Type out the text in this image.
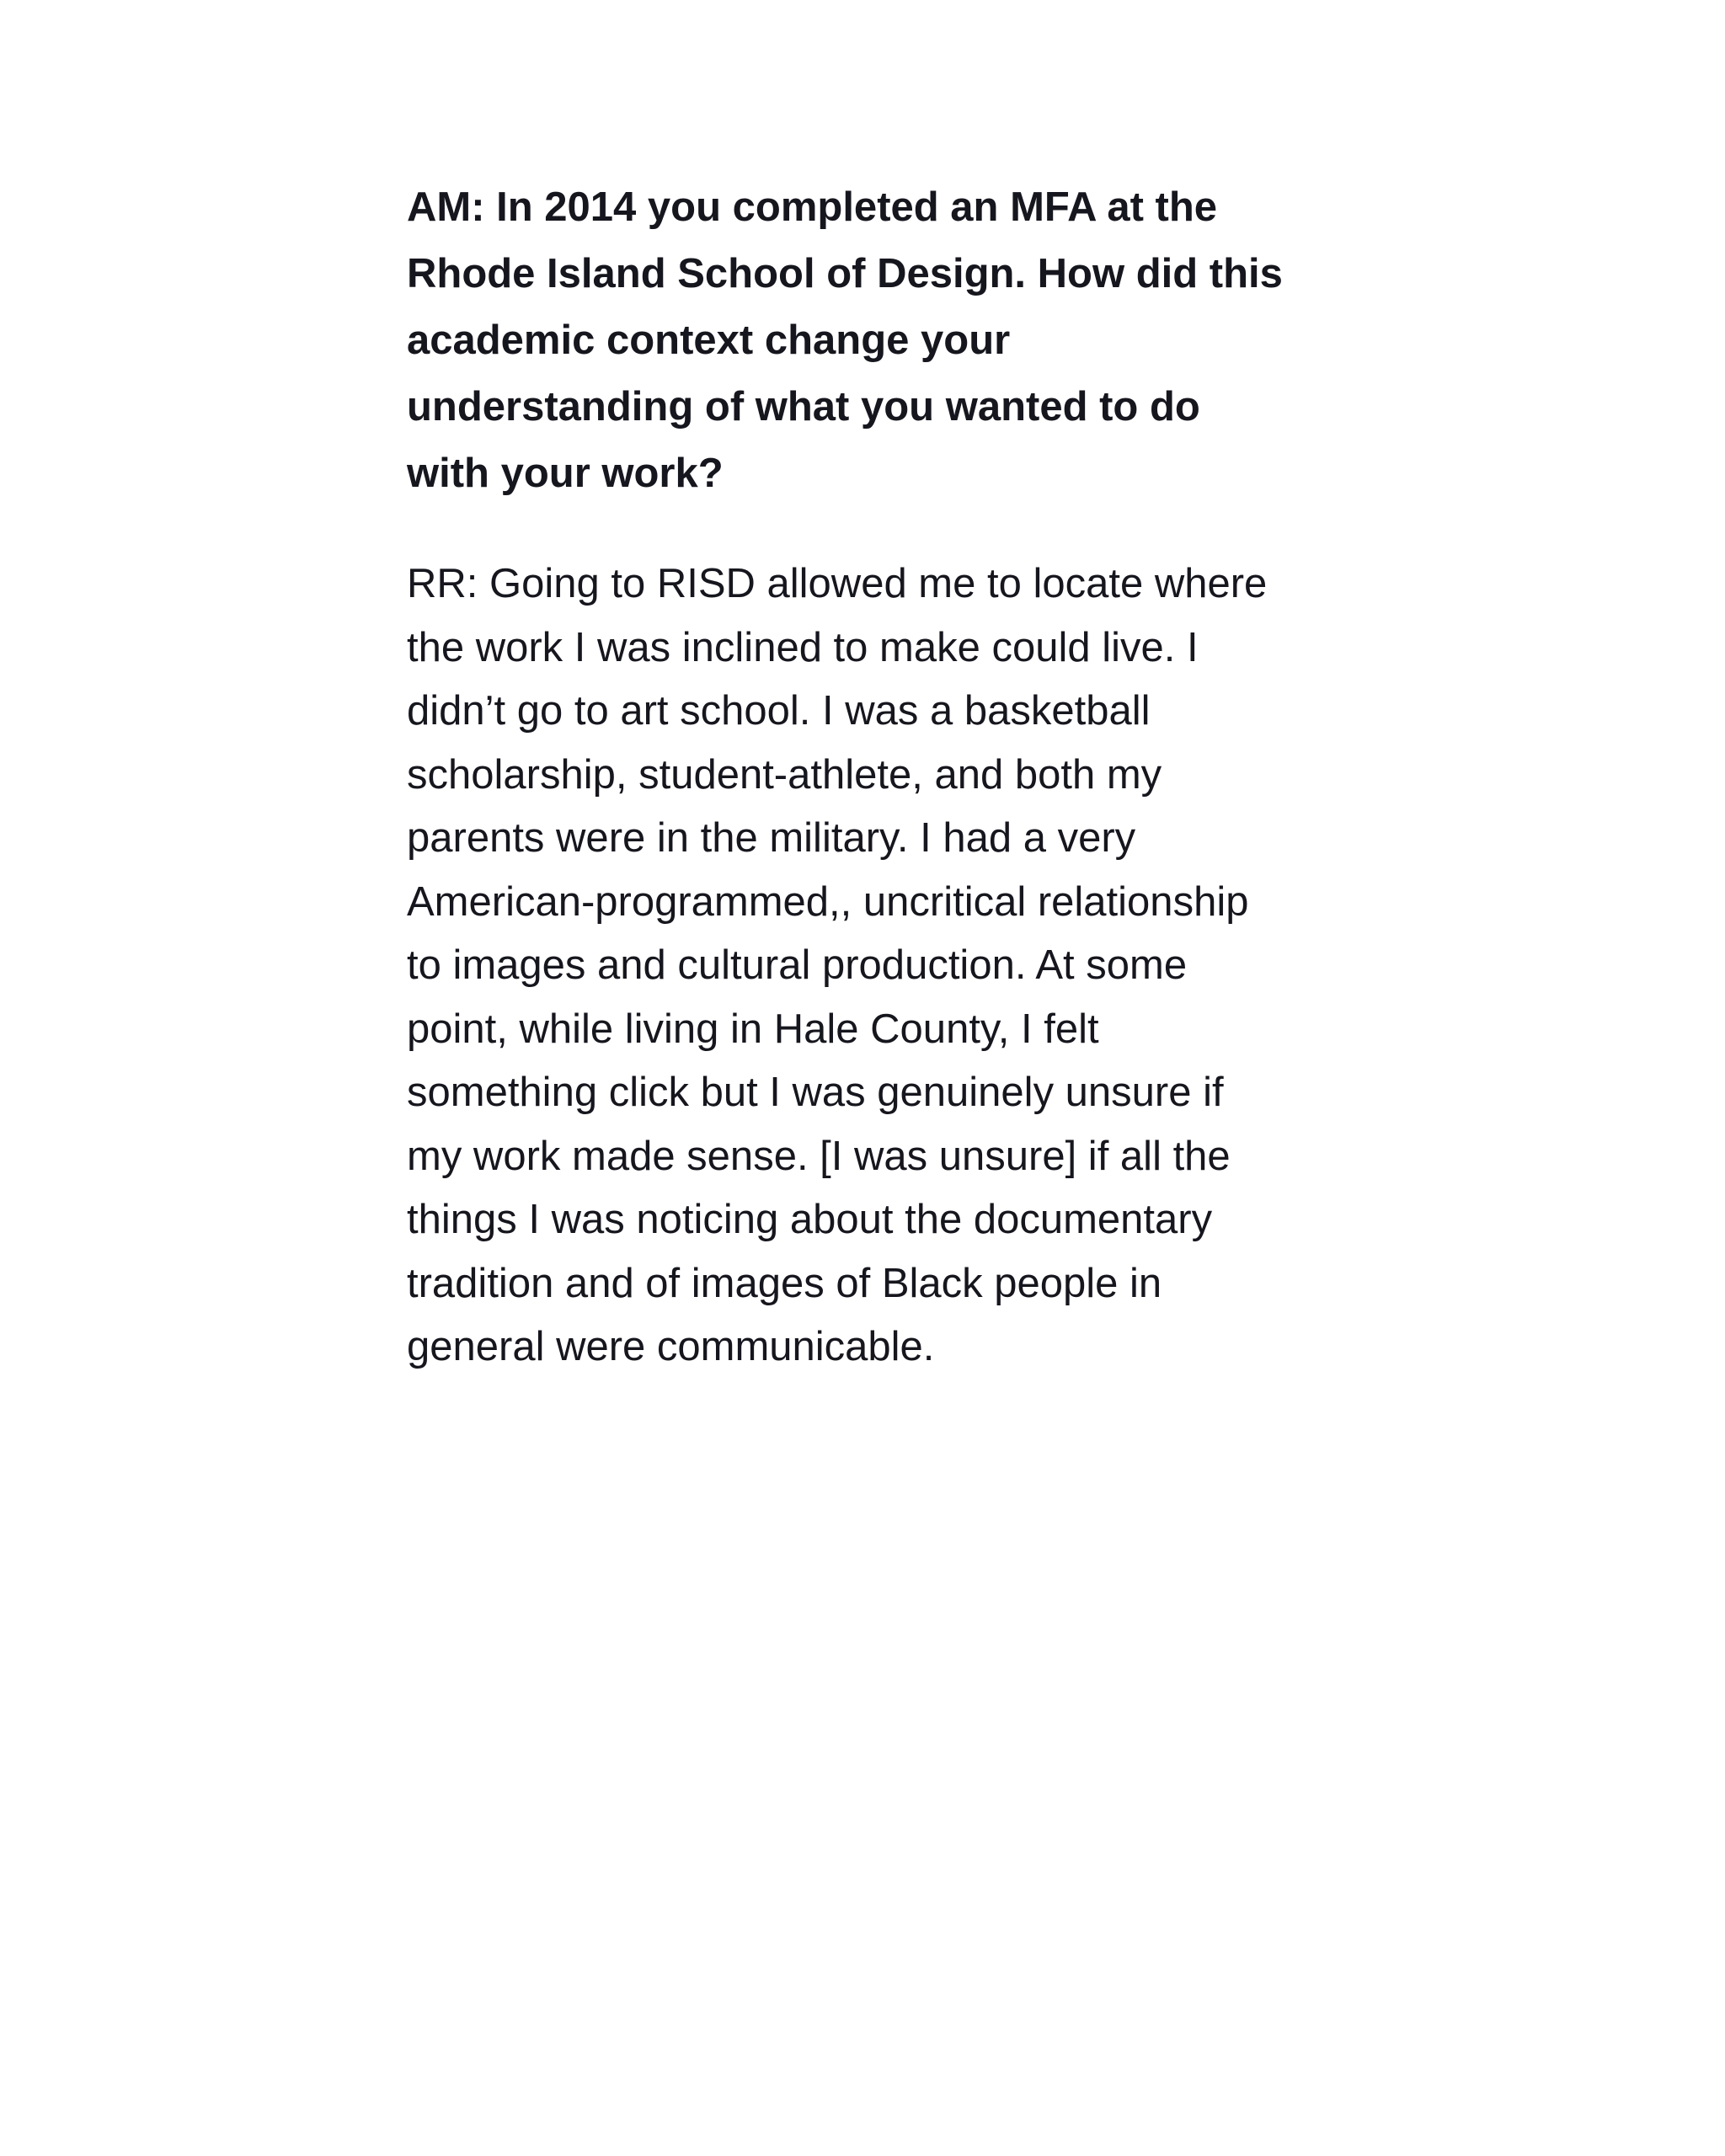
AM: In 2014 you completed an MFA at the
Rhode Island School of Design. How did this
academic context change your
understanding of what you wanted to do
with your work?

RR: Going to RISD allowed me to locate where
the work I was inclined to make could live. I
didn’t go to art school. I was a basketball
scholarship, student-athlete, and both my
parents were in the military. I had a very
American-programmed,, uncritical relationship
to images and cultural production. At some
point, while living in Hale County, I felt
something click but I was genuinely unsure if
my work made sense. [I was unsure] if all the
things I was noticing about the documentary
tradition and of images of Black people in
general were communicable.
